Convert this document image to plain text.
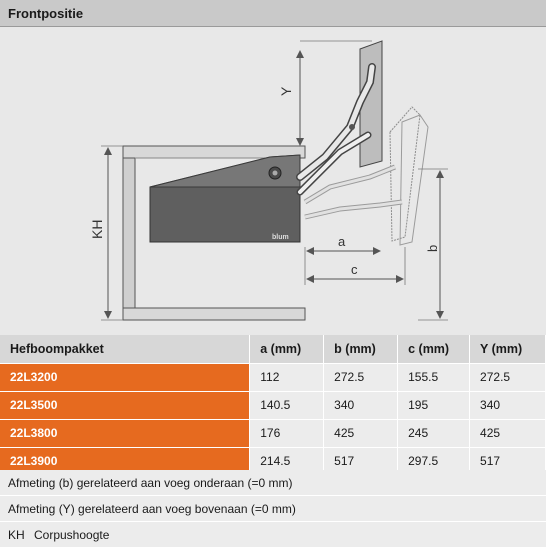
Frontpositie
blum
Y
KH
a
c
b
Hefboompakket	a (mm)	b (mm)	c (mm)	Y (mm)
22L3200	112	272.5	155.5	272.5
22L3500	140.5	340	195	340
22L3800	176	425	245	425
22L3900	214.5	517	297.5	517
Afmeting (b) gerelateerd aan voeg onderaan (=0 mm)
Afmeting (Y) gerelateerd aan voeg bovenaan (=0 mm)
KH Corpushoogte
